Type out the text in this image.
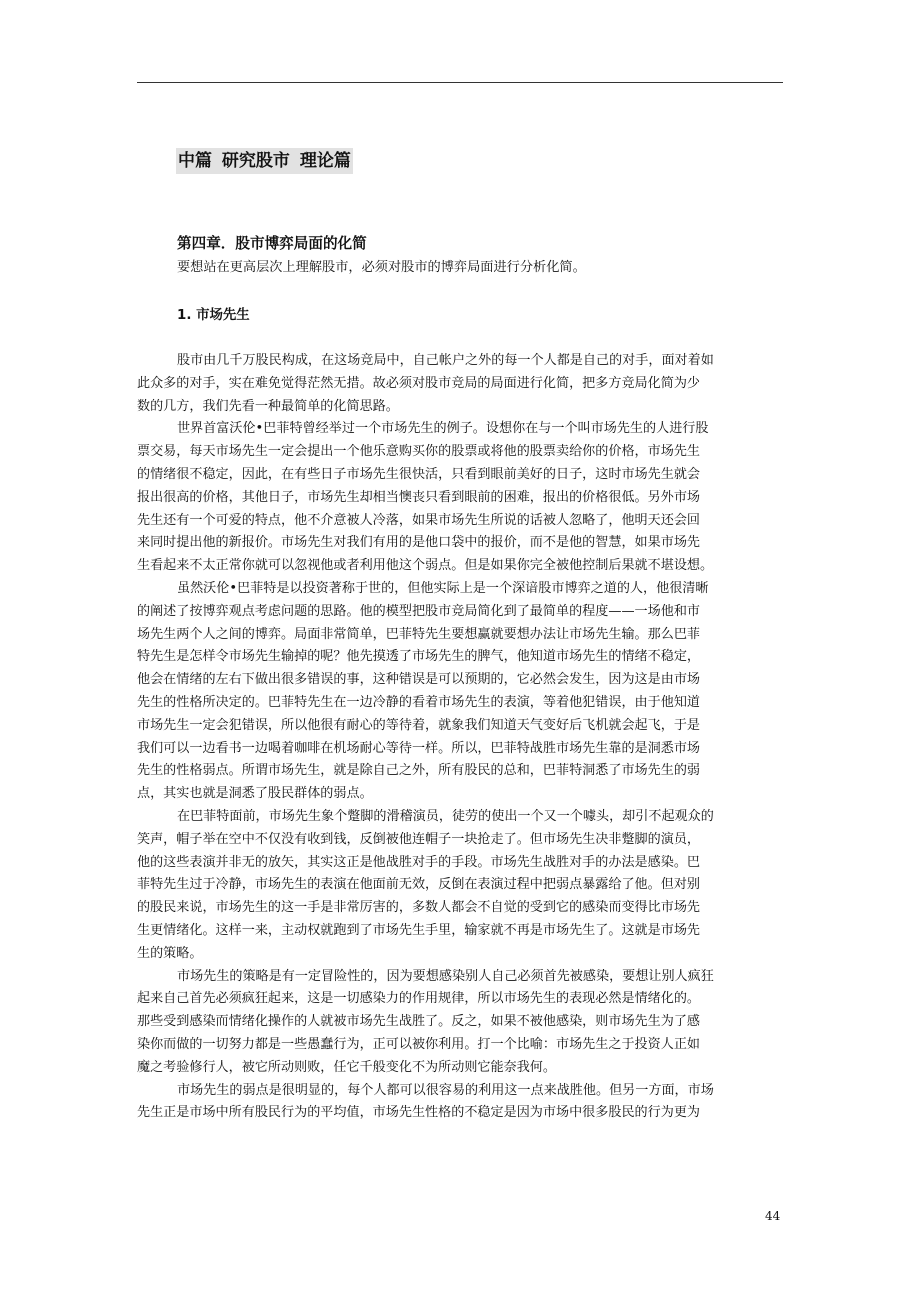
中篇 研究股市 理论篇
第四章．股市博弈局面的化简
要想站在更高层次上理解股市，必须对股市的博弈局面进行分析化简。
1. 市场先生
股市由几千万股民构成，在这场竞局中，自己帐户之外的每一个人都是自己的对手，面对着如
此众多的对手，实在难免觉得茫然无措。故必须对股市竞局的局面进行化简，把多方竞局化简为少
数的几方，我们先看一种最简单的化简思路。
世界首富沃伦•巴菲特曾经举过一个市场先生的例子。设想你在与一个叫市场先生的人进行股
票交易，每天市场先生一定会提出一个他乐意购买你的股票或将他的股票卖给你的价格，市场先生
的情绪很不稳定，因此，在有些日子市场先生很快活，只看到眼前美好的日子，这时市场先生就会
报出很高的价格，其他日子，市场先生却相当懊丧只看到眼前的困难，报出的价格很低。另外市场
先生还有一个可爱的特点，他不介意被人冷落，如果市场先生所说的话被人忽略了，他明天还会回
来同时提出他的新报价。市场先生对我们有用的是他口袋中的报价，而不是他的智慧，如果市场先
生看起来不太正常你就可以忽视他或者利用他这个弱点。但是如果你完全被他控制后果就不堪设想。
虽然沃伦•巴菲特是以投资著称于世的，但他实际上是一个深谙股市博弈之道的人，他很清晰
的阐述了按博弈观点考虑问题的思路。他的模型把股市竞局简化到了最简单的程度——一场他和市
场先生两个人之间的博弈。局面非常简单，巴菲特先生要想赢就要想办法让市场先生输。那么巴菲
特先生是怎样令市场先生输掉的呢？他先摸透了市场先生的脾气，他知道市场先生的情绪不稳定，
他会在情绪的左右下做出很多错误的事，这种错误是可以预期的，它必然会发生，因为这是由市场
先生的性格所决定的。巴菲特先生在一边冷静的看着市场先生的表演，等着他犯错误，由于他知道
市场先生一定会犯错误，所以他很有耐心的等待着，就象我们知道天气变好后飞机就会起飞，于是
我们可以一边看书一边喝着咖啡在机场耐心等待一样。所以，巴菲特战胜市场先生靠的是洞悉市场
先生的性格弱点。所谓市场先生，就是除自己之外，所有股民的总和，巴菲特洞悉了市场先生的弱
点，其实也就是洞悉了股民群体的弱点。
在巴菲特面前，市场先生象个蹩脚的滑稽演员，徒劳的使出一个又一个噱头，却引不起观众的
笑声，帽子举在空中不仅没有收到钱，反倒被他连帽子一块抢走了。但市场先生决非蹩脚的演员，
他的这些表演并非无的放矢，其实这正是他战胜对手的手段。市场先生战胜对手的办法是感染。巴
菲特先生过于冷静，市场先生的表演在他面前无效，反倒在表演过程中把弱点暴露给了他。但对别
的股民来说，市场先生的这一手是非常厉害的，多数人都会不自觉的受到它的感染而变得比市场先
生更情绪化。这样一来，主动权就跑到了市场先生手里，输家就不再是市场先生了。这就是市场先
生的策略。
市场先生的策略是有一定冒险性的，因为要想感染别人自己必须首先被感染，要想让别人疯狂
起来自己首先必须疯狂起来，这是一切感染力的作用规律，所以市场先生的表现必然是情绪化的。
那些受到感染而情绪化操作的人就被市场先生战胜了。反之，如果不被他感染，则市场先生为了感
染你而做的一切努力都是一些愚蠢行为，正可以被你利用。打一个比喻：市场先生之于投资人正如
魔之考验修行人，被它所动则败，任它千般变化不为所动则它能奈我何。
市场先生的弱点是很明显的，每个人都可以很容易的利用这一点来战胜他。但另一方面，市场
先生正是市场中所有股民行为的平均值，市场先生性格的不稳定是因为市场中很多股民的行为更为
44
